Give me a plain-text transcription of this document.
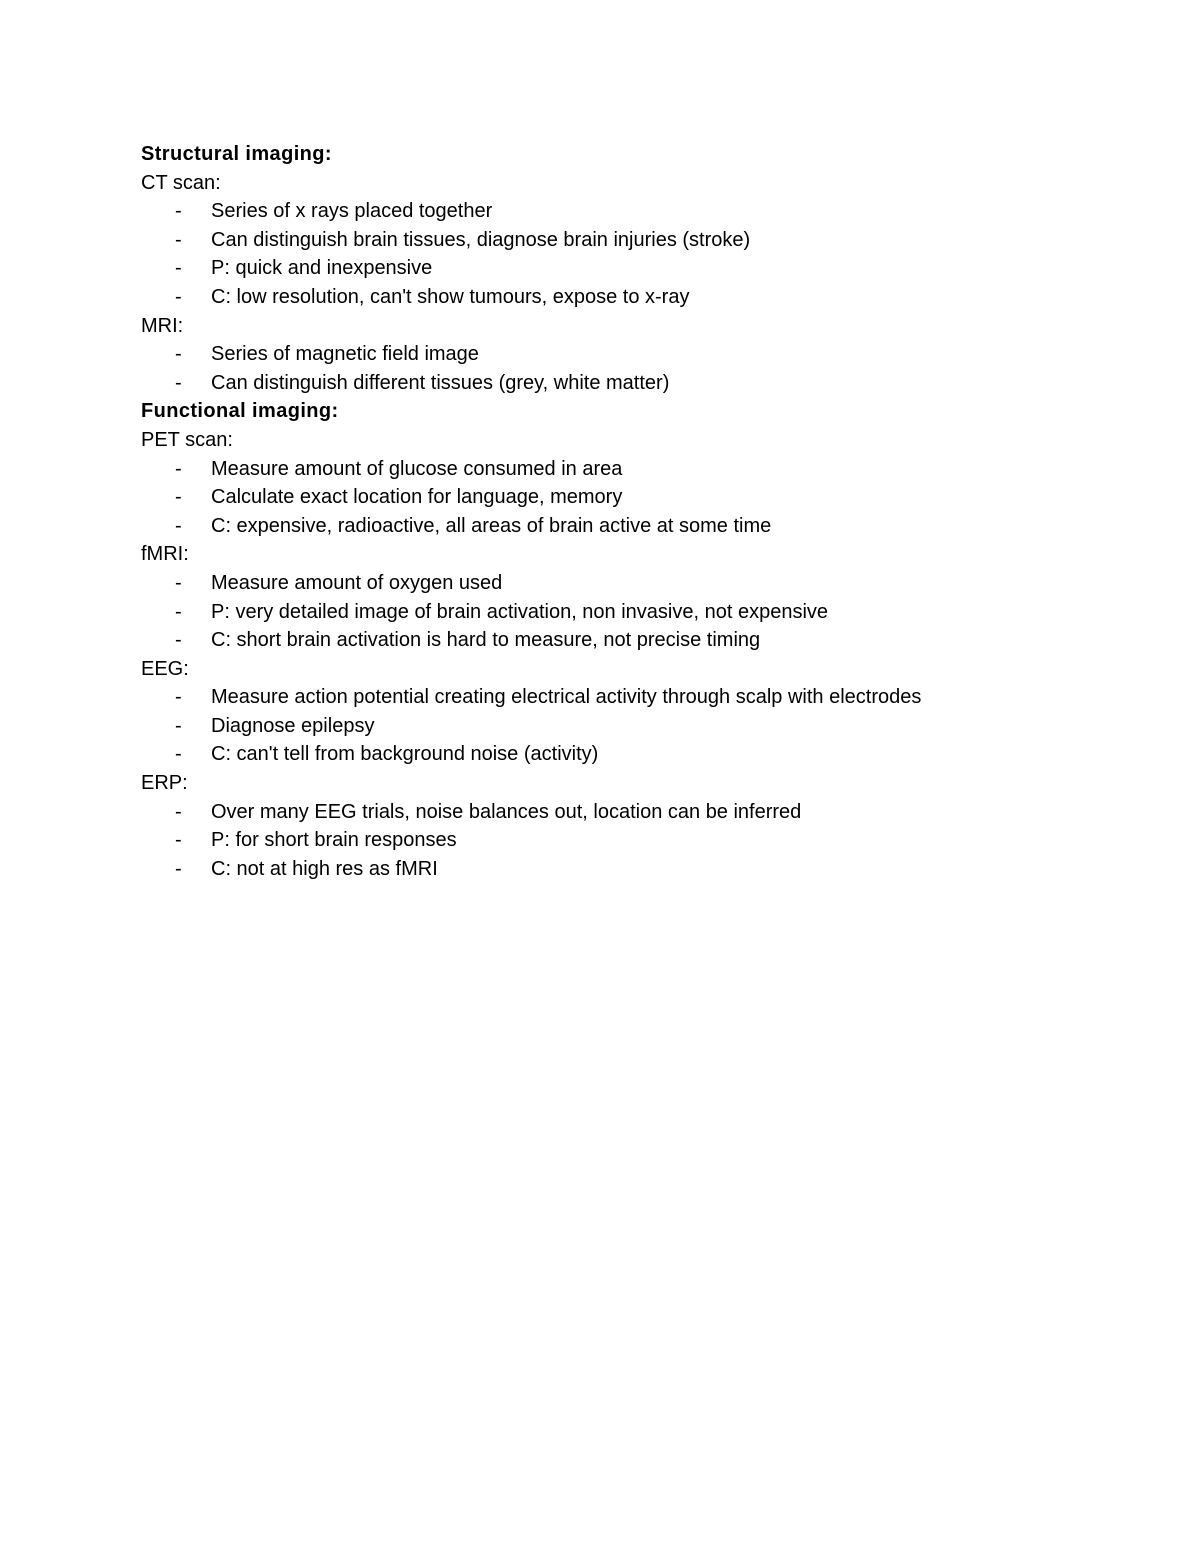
Structural imaging:
CT scan:
-	Series of x rays placed together
-	Can distinguish brain tissues, diagnose brain injuries (stroke)
-	P: quick and inexpensive
-	C: low resolution, can't show tumours, expose to x-ray
MRI:
-	Series of magnetic field image
-	Can distinguish different tissues (grey, white matter)
Functional imaging:
PET scan:
-	Measure amount of glucose consumed in area
-	Calculate exact location for language, memory
-	C: expensive, radioactive, all areas of brain active at some time
fMRI:
-	Measure amount of oxygen used
-	P: very detailed image of brain activation, non invasive, not expensive
-	C: short brain activation is hard to measure, not precise timing
EEG:
-	Measure action potential creating electrical activity through scalp with electrodes
-	Diagnose epilepsy
-	C: can't tell from background noise (activity)
ERP:
-	Over many EEG trials, noise balances out, location can be inferred
-	P: for short brain responses
-	C: not at high res as fMRI
